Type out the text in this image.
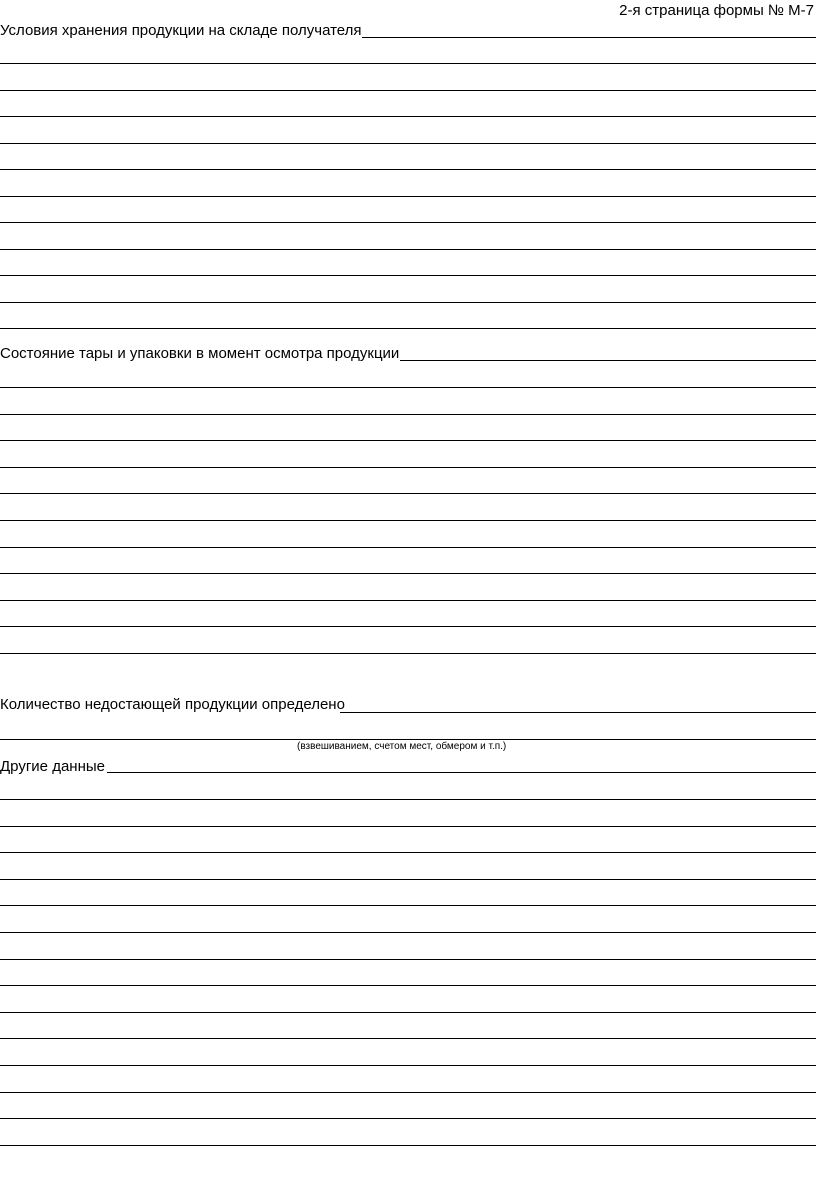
2-я страница формы № М-7
Условия хранения продукции на складе получателя
Состояние тары и упаковки в момент осмотра продукции
Количество недостающей продукции определено
(взвешиванием, счетом мест, обмером и т.п.)
Другие данные
